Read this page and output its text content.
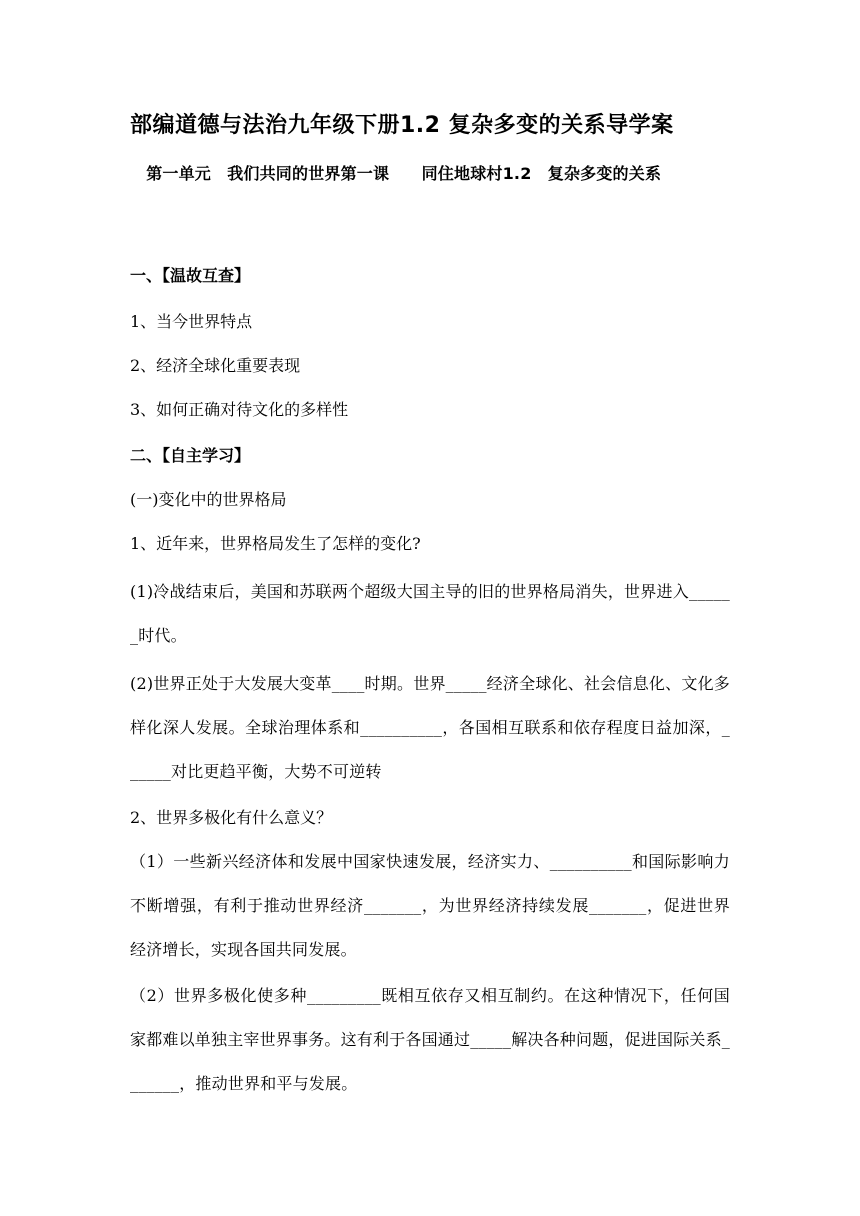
部编道德与法治九年级下册1.2 复杂多变的关系导学案
　第一单元　我们共同的世界第一课　　同住地球村1.2　复杂多变的关系
一、【温故互查】
1、当今世界特点
2、经济全球化重要表现
3、如何正确对待文化的多样性
二、【自主学习】
(一)变化中的世界格局
1、近年来，世界格局发生了怎样的变化?
(1)冷战结束后，美国和苏联两个超级大国主导的旧的世界格局消失，世界进入______时代。
(2)世界正处于大发展大变革____时期。世界_____经济全球化、社会信息化、文化多样化深人发展。全球治理体系和__________，各国相互联系和依存程度日益加深，______对比更趋平衡，大势不可逆转
2、世界多极化有什么意义？
（1）一些新兴经济体和发展中国家快速发展，经济实力、__________和国际影响力不断增强，有利于推动世界经济_______，为世界经济持续发展_______，促进世界经济增长，实现各国共同发展。
（2）世界多极化使多种_________既相互依存又相互制约。在这种情况下，任何国家都难以单独主宰世界事务。这有利于各国通过_____解决各种问题，促进国际关系_______，推动世界和平与发展。
